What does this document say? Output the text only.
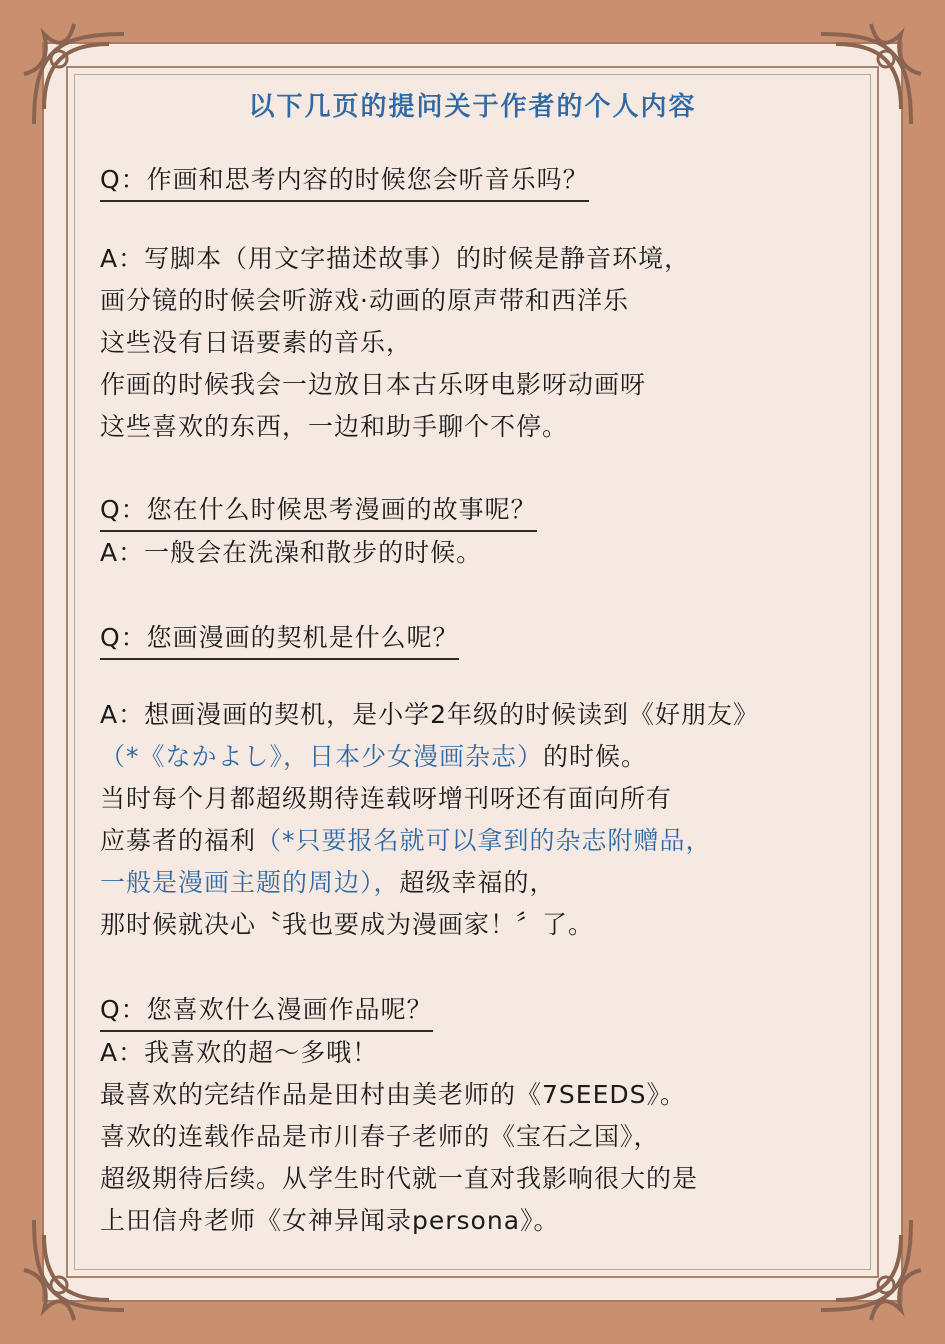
以下几页的提问关于作者的个人内容
Q：作画和思考内容的时候您会听音乐吗？
A：写脚本（用文字描述故事）的时候是静音环境，
画分镜的时候会听游戏·动画的原声带和西洋乐
这些没有日语要素的音乐，
作画的时候我会一边放日本古乐呀电影呀动画呀
这些喜欢的东西，一边和助手聊个不停。
Q：您在什么时候思考漫画的故事呢？
A：一般会在洗澡和散步的时候。
Q：您画漫画的契机是什么呢？
A：想画漫画的契机，是小学2年级的时候读到《好朋友》
（*《なかよし》，日本少女漫画杂志）的时候。
当时每个月都超级期待连载呀增刊呀还有面向所有
应募者的福利（*只要报名就可以拿到的杂志附赠品，
一般是漫画主题的周边），超级幸福的，
那时候就决心〝我也要成为漫画家！〞了。
Q：您喜欢什么漫画作品呢？
A：我喜欢的超～多哦！
最喜欢的完结作品是田村由美老师的《7SEEDS》。
喜欢的连载作品是市川春子老师的《宝石之国》，
超级期待后续。从学生时代就一直对我影响很大的是
上田信舟老师《女神异闻录persona》。
